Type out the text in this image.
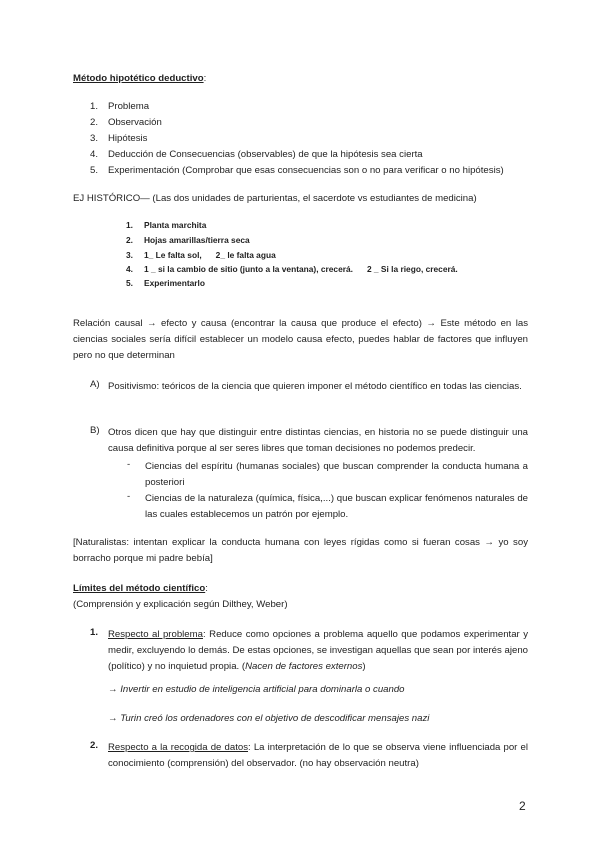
Método hipotético deductivo:
1. Problema
2. Observación
3. Hipótesis
4. Deducción de Consecuencias (observables) de que la hipótesis sea cierta
5. Experimentación (Comprobar que esas consecuencias son o no para verificar o no hipótesis)
EJ HISTÓRICO— (Las dos unidades de parturientas, el sacerdote vs estudiantes de medicina)
1. Planta marchita
2. Hojas amarillas/tierra seca
3. 1_ Le falta sol,      2_ le falta agua
4. 1 _ si la cambio de sitio (junto a la ventana), crecerá.      2 _ Si la riego, crecerá.
5. Experimentarlo
Relación causal → efecto y causa (encontrar la causa que produce el efecto) → Este método en las ciencias sociales sería difícil establecer un modelo causa efecto, puedes hablar de factores que influyen pero no que determinan
A) Positivismo: teóricos de la ciencia que quieren imponer el método científico en todas las ciencias.
B) Otros dicen que hay que distinguir entre distintas ciencias, en historia no se puede distinguir una causa definitiva porque al ser seres libres que toman decisiones no podemos predecir.
- Ciencias del espíritu (humanas sociales) que buscan comprender la conducta humana a posteriori
- Ciencias de la naturaleza (química, física,...) que buscan explicar fenómenos naturales de las cuales establecemos un patrón por ejemplo.
[Naturalistas: intentan explicar la conducta humana con leyes rígidas como si fueran cosas → yo soy borracho porque mi padre bebía]
Límites del método científico:
(Comprensión y explicación según Dilthey, Weber)
1. Respecto al problema: Reduce como opciones a problema aquello que podamos experimentar y medir, excluyendo lo demás. De estas opciones, se investigan aquellas que sean por interés ajeno (político) y no inquietud propia. (Nacen de factores externos)
→ Invertir en estudio de inteligencia artificial para dominarla o cuando
→ Turin creó los ordenadores con el objetivo de descodificar mensajes nazi
2. Respecto a la recogida de datos: La interpretación de lo que se observa viene influenciada por el conocimiento (comprensión) del observador. (no hay observación neutra)
2
